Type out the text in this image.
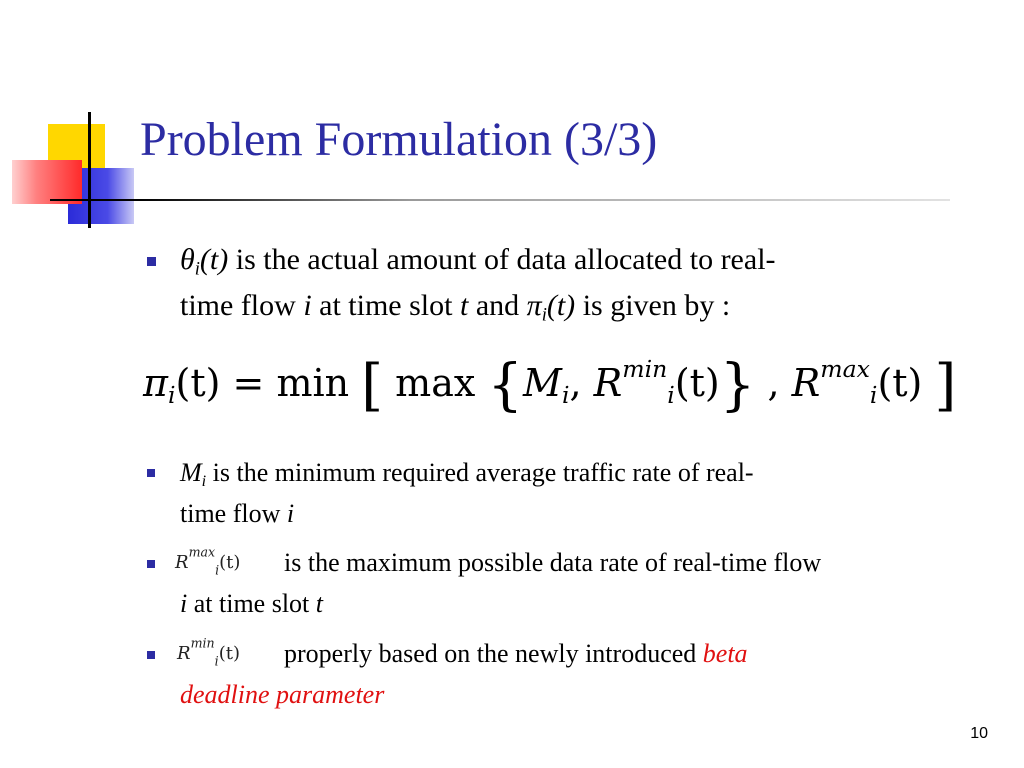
Problem Formulation (3/3)
$\theta_i(t)$ is the actual amount of data allocated to real-
time flow i at time slot t and $\pi_i(t)$ is given by :
$\pi_i(t) = \min$ [ $\max \{M_i$, $R^{min}_i(t)$} , $R^{max}_i(t)$ ]
$M_i$ is the minimum required average traffic rate of real-
time flow i
$R^{max}_i(t)$ is the maximum possible data rate of real-time flow
i at time slot t
$R^{min}_i(t)$ properly based on the newly introduced beta
deadline parameter
10
